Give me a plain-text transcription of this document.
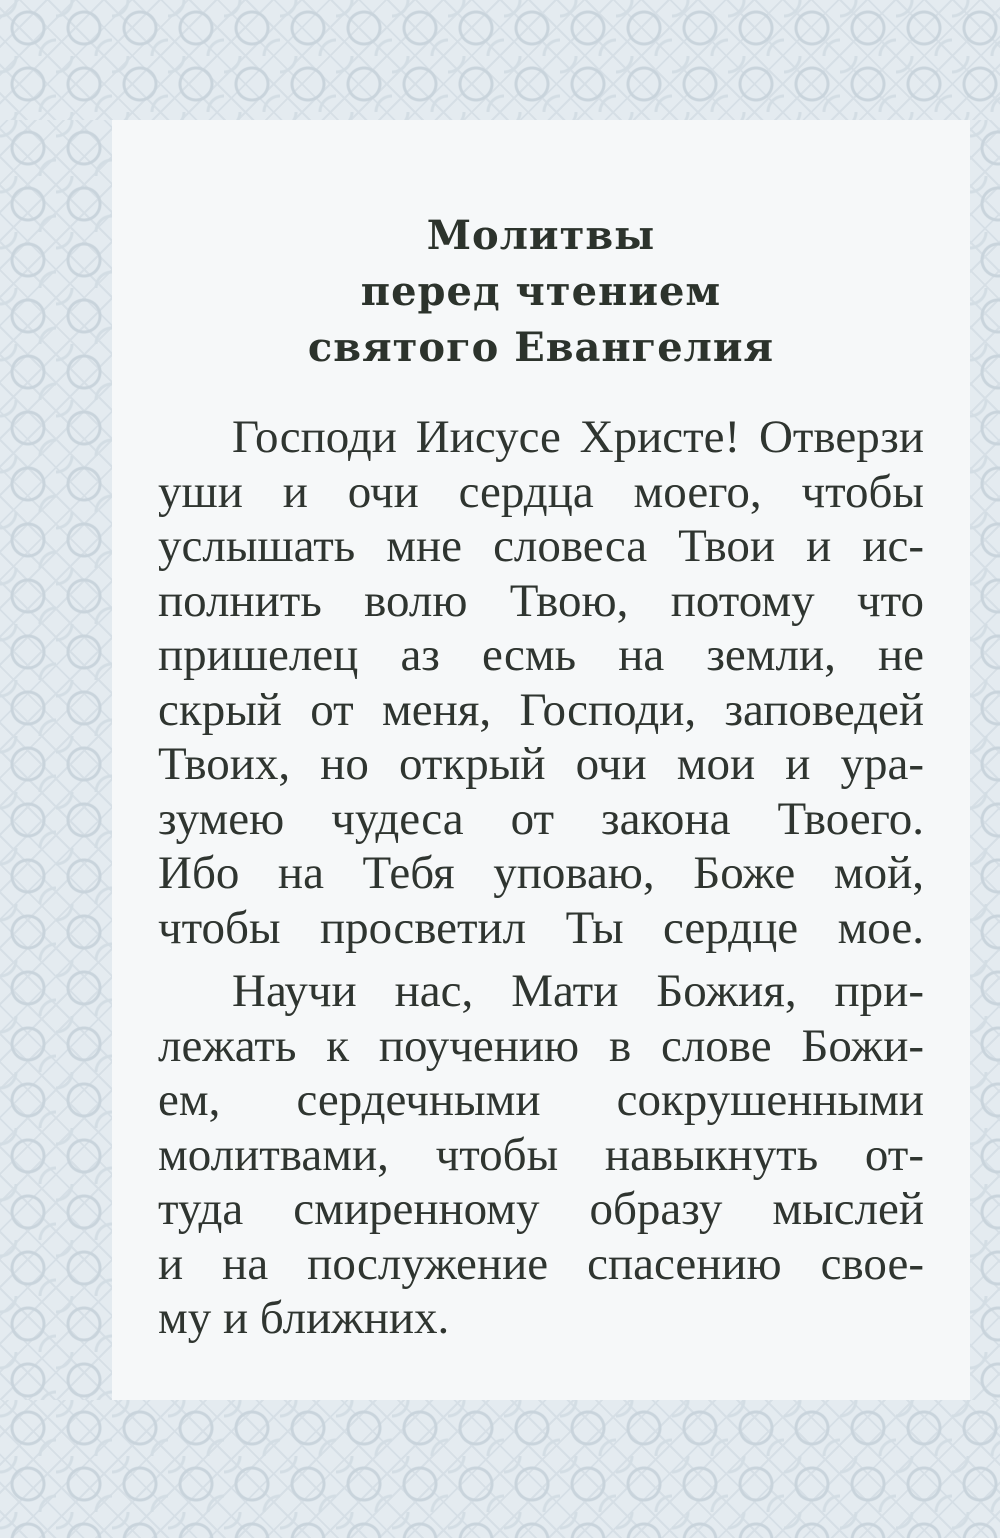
Молитвы
перед чтением
святого Евангелия
Господи Иисусе Христе! Отверзи
уши и очи сердца моего, чтобы
услышать мне словеса Твои и ис-
полнить волю Твою, потому что
пришелец аз есмь на земли, не
скрый от меня, Господи, заповедей
Твоих, но открый очи мои и ура-
зумею чудеса от закона Твоего.
Ибо на Тебя уповаю, Боже мой,
чтобы просветил Ты сердце мое.
Научи нас, Мати Божия, при-
лежать к поучению в слове Божи-
ем, сердечными сокрушенными
молитвами, чтобы навыкнуть от-
туда смиренному образу мыслей
и на послужение спасению свое-
му и ближних.
